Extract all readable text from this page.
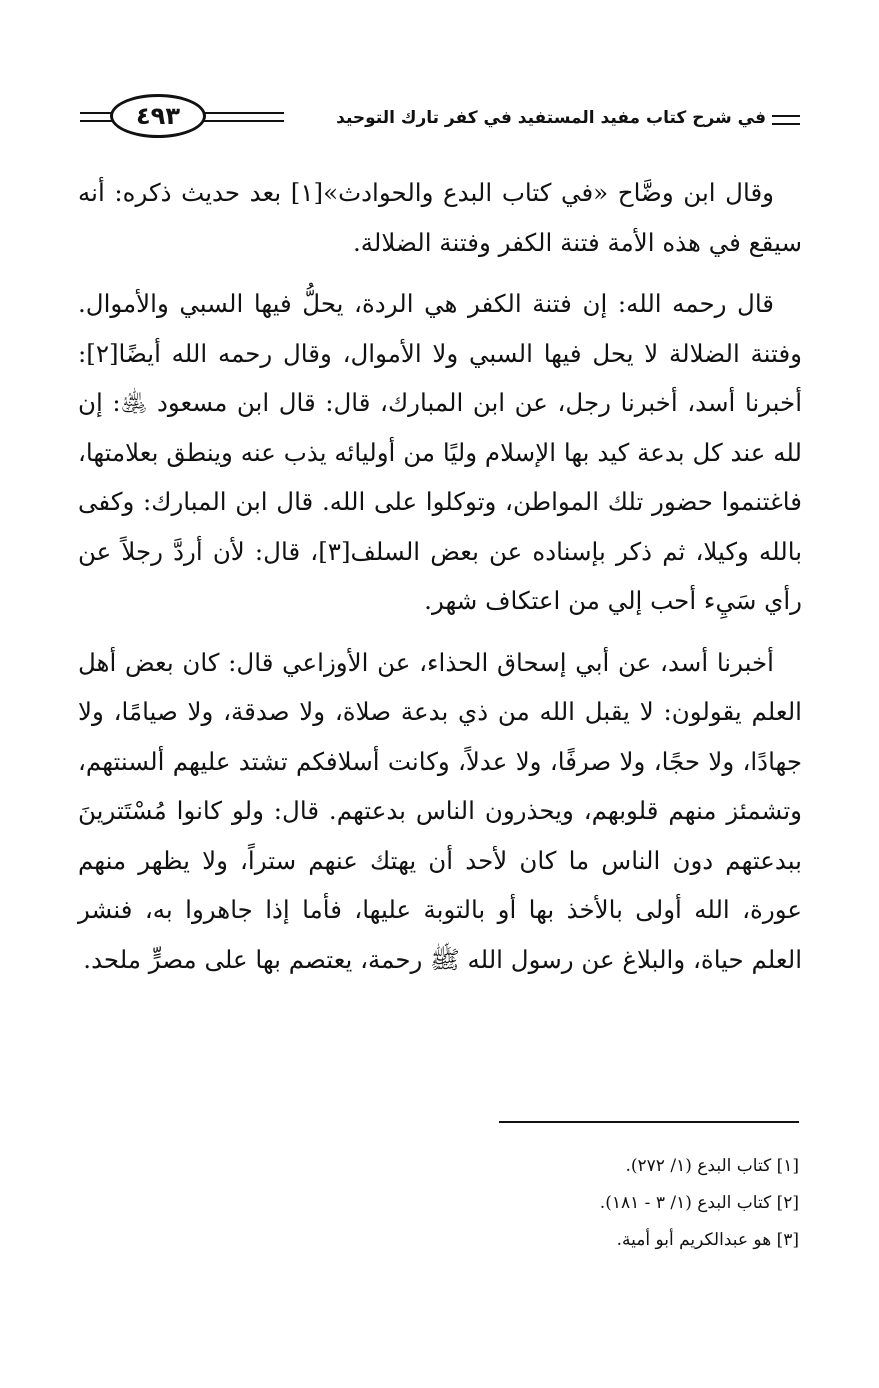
في شرح كتاب مفيد المستفيد في كفر تارك التوحيد
٤٩٣

وقال ابن وضَّاح «في كتاب البدع والحوادث»[١] بعد حديث ذكره: أنه سيقع في هذه الأمة فتنة الكفر وفتنة الضلالة.

قال رحمه الله: إن فتنة الكفر هي الردة، يحلُّ فيها السبي والأموال. وفتنة الضلالة لا يحل فيها السبي ولا الأموال، وقال رحمه الله أيضًا[٢]: أخبرنا أسد، أخبرنا رجل، عن ابن المبارك، قال: قال ابن مسعود ﵁: إن لله عند كل بدعة كيد بها الإسلام وليًا من أوليائه يذب عنه وينطق بعلامتها، فاغتنموا حضور تلك المواطن، وتوكلوا على الله. قال ابن المبارك: وكفى بالله وكيلا، ثم ذكر بإسناده عن بعض السلف[٣]، قال: لأن أردَّ رجلاً عن رأي سَيِء أحب إلي من اعتكاف شهر.

أخبرنا أسد، عن أبي إسحاق الحذاء، عن الأوزاعي قال: كان بعض أهل العلم يقولون: لا يقبل الله من ذي بدعة صلاة، ولا صدقة، ولا صيامًا، ولا جهادًا، ولا حجًا، ولا صرفًا، ولا عدلاً، وكانت أسلافكم تشتد عليهم ألسنتهم، وتشمئز منهم قلوبهم، ويحذرون الناس بدعتهم. قال: ولو كانوا مُسْتَترينَ ببدعتهم دون الناس ما كان لأحد أن يهتك عنهم ستراً، ولا يظهر منهم عورة، الله أولى بالأخذ بها أو بالتوبة عليها، فأما إذا جاهروا به، فنشر العلم حياة، والبلاغ عن رسول الله ﷺ رحمة، يعتصم بها على مصرٍّ ملحد.

[١] كتاب البدع (١/ ٢٧٢).
[٢] كتاب البدع (١/ ٣ - ١٨١).
[٣] هو عبدالكريم أبو أمية.
